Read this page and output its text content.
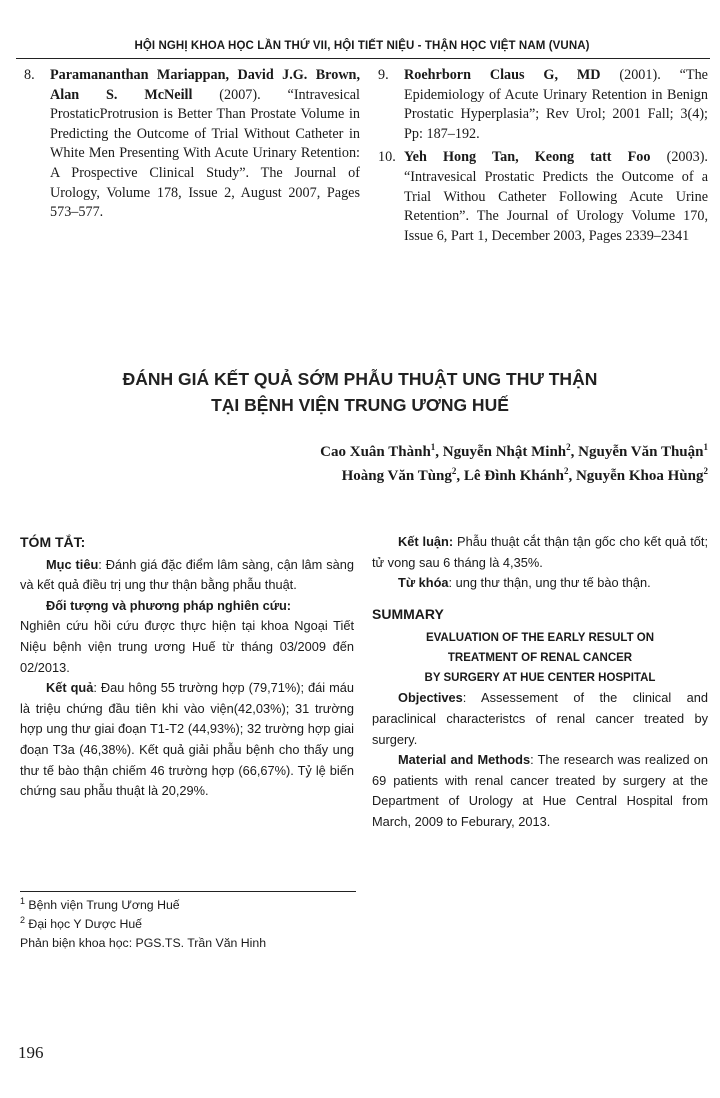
HỘI NGHỊ KHOA HỌC LẦN THỨ VII, HỘI TIẾT NIỆU - THẬN HỌC VIỆT NAM (VUNA)
8.	Paramananthan Mariappan, David J.G. Brown, Alan S. McNeill (2007). “Intravesical ProstaticProtrusion is Better Than Prostate Volume in Predicting the Outcome of Trial Without Catheter in White Men Presenting With Acute Urinary Retention: A Prospective Clinical Study”. The Journal of Urology, Volume 178, Issue 2, August 2007, Pages 573–577.
9.	Roehrborn Claus G, MD (2001). “The Epidemiology of Acute Urinary Retention in Benign Prostatic Hyperplasia”; Rev Urol; 2001 Fall; 3(4); Pp: 187–192.
10. Yeh Hong Tan, Keong tatt Foo (2003). “Intravesical Prostatic Predicts the Outcome of a Trial Withou Catheter Following Acute Urine Retention”. The Journal of Urology Volume 170, Issue 6, Part 1, December 2003, Pages 2339–2341
ĐÁNH GIÁ KẾT QUẢ SỚM PHẪU THUẬT UNG THƯ THẬN
TẠI BỆNH VIỆN TRUNG ƯƠNG HUẾ
Cao Xuân Thành$^1$, Nguyễn Nhật Minh$^2$, Nguyễn Văn Thuận$^1$
Hoàng Văn Tùng$^2$, Lê Đình Khánh$^2$, Nguyễn Khoa Hùng$^2$
TÓM TẮT:
Mục tiêu: Đánh giá đặc điểm lâm sàng, cận lâm sàng và kết quả điều trị ung thư thận bằng phẫu thuật.
Đối tượng và phương pháp nghiên cứu:
Nghiên cứu hồi cứu được thực hiện tại khoa Ngoại Tiết Niệu bệnh viện trung ương Huế từ tháng 03/2009 đến 02/2013.
Kết quả: Đau hông 55 trường hợp (79,71%); đái máu là triệu chứng đầu tiên khi vào viện(42,03%); 31 trường hợp ung thư giai đoạn T1-T2 (44,93%); 32 trường hợp giai đoạn T3a (46,38%). Kết quả giải phẫu bệnh cho thấy ung thư tế bào thận chiếm 46 trường hợp (66,67%). Tỷ lệ biến chứng sau phẫu thuật là 20,29%.
Kết luận: Phẫu thuật cắt thận tận gốc cho kết quả tốt; tử vong sau 6 tháng là 4,35%.
Từ khóa: ung thư thận, ung thư tế bào thận.
SUMMARY
EVALUATION OF THE EARLY RESULT ON
TREATMENT OF RENAL CANCER
BY SURGERY AT HUE CENTER HOSPITAL
Objectives: Assessement of the clinical and paraclinical characteristcs of renal cancer treated by surgery.
Material and Methods: The research was realized on 69 patients with renal cancer treated by surgery at the Department of Urology at Hue Central Hospital from March, 2009 to Feburary, 2013.
$^1$ Bệnh viện Trung Ương Huế
$^2$ Đại học Y Dược Huế
Phản biện khoa học: PGS.TS. Trần Văn Hinh
196
